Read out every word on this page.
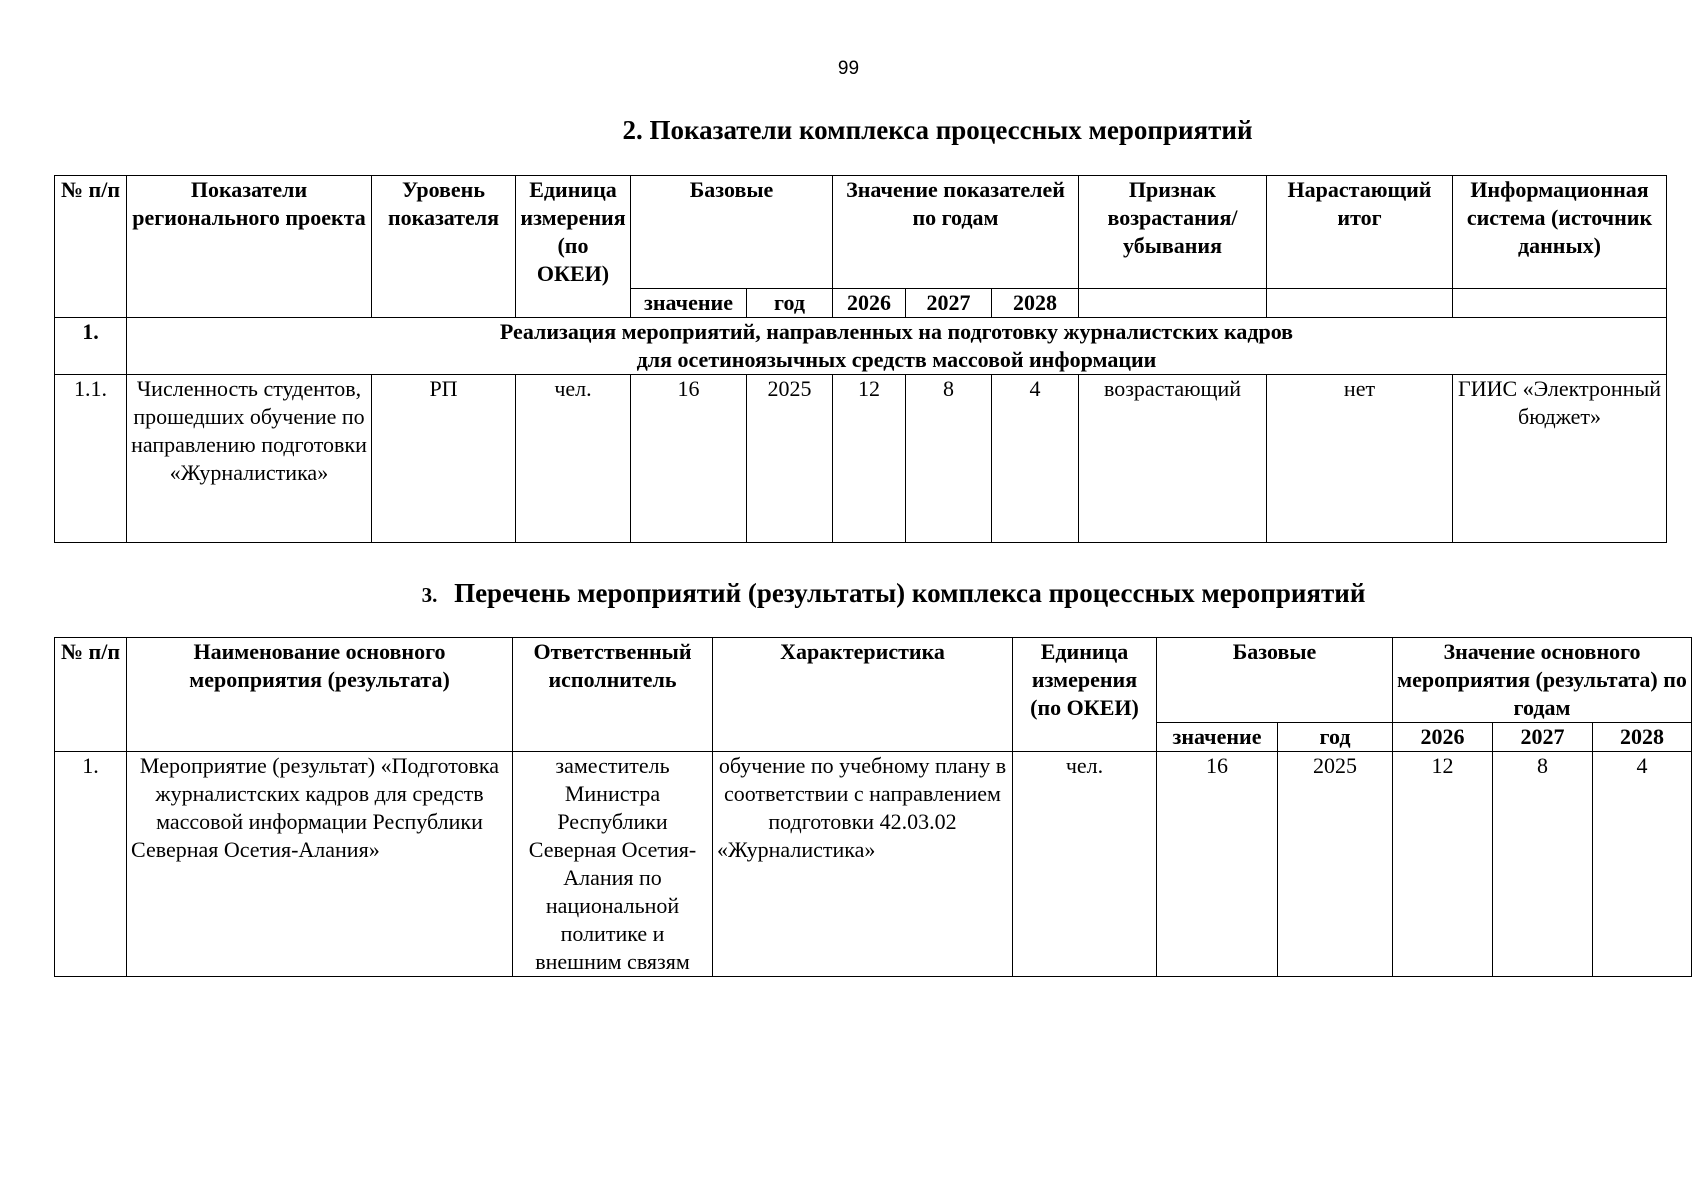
99
2. Показатели комплекса процессных мероприятий
№ п/п	Показатели регионального проекта	Уровень показателя	Единица измерения (по ОКЕИ)	Базовые		Значение показателей по годам			Признак возрастания/ убывания	Нарастающий итог	Информационная система (источник данных)
				значение	год	2026	2027	2028			
1.	Реализация мероприятий, направленных на подготовку журналистских кадров
для осетиноязычных средств массовой информации										

1.1.	Численность студентов, прошедших обучение по направлению подготовки «Журналистика»	РП	чел.	16	2025	12	8	4	возрастающий	нет	ГИИС «Электронный бюджет»
3. Перечень мероприятий (результаты) комплекса процессных мероприятий
№ п/п	Наименование основного мероприятия (результата)	Ответственный исполнитель	Характеристика	Единица измерения (по ОКЕИ)	Базовые		Значение основного мероприятия (результата) по годам		
					значение	год	2026	2027	2028
1.	Мероприятие (результат) «Подготовка журналистских кадров для средств массовой информации Республики Северная Осетия-Алания»	заместитель Министра Республики Северная Осетия-Алания по национальной политике и внешним связям	обучение по учебному плану в соответствии с направлением подготовки 42.03.02 «Журналистика»	чел.	16	2025	12	8	4
